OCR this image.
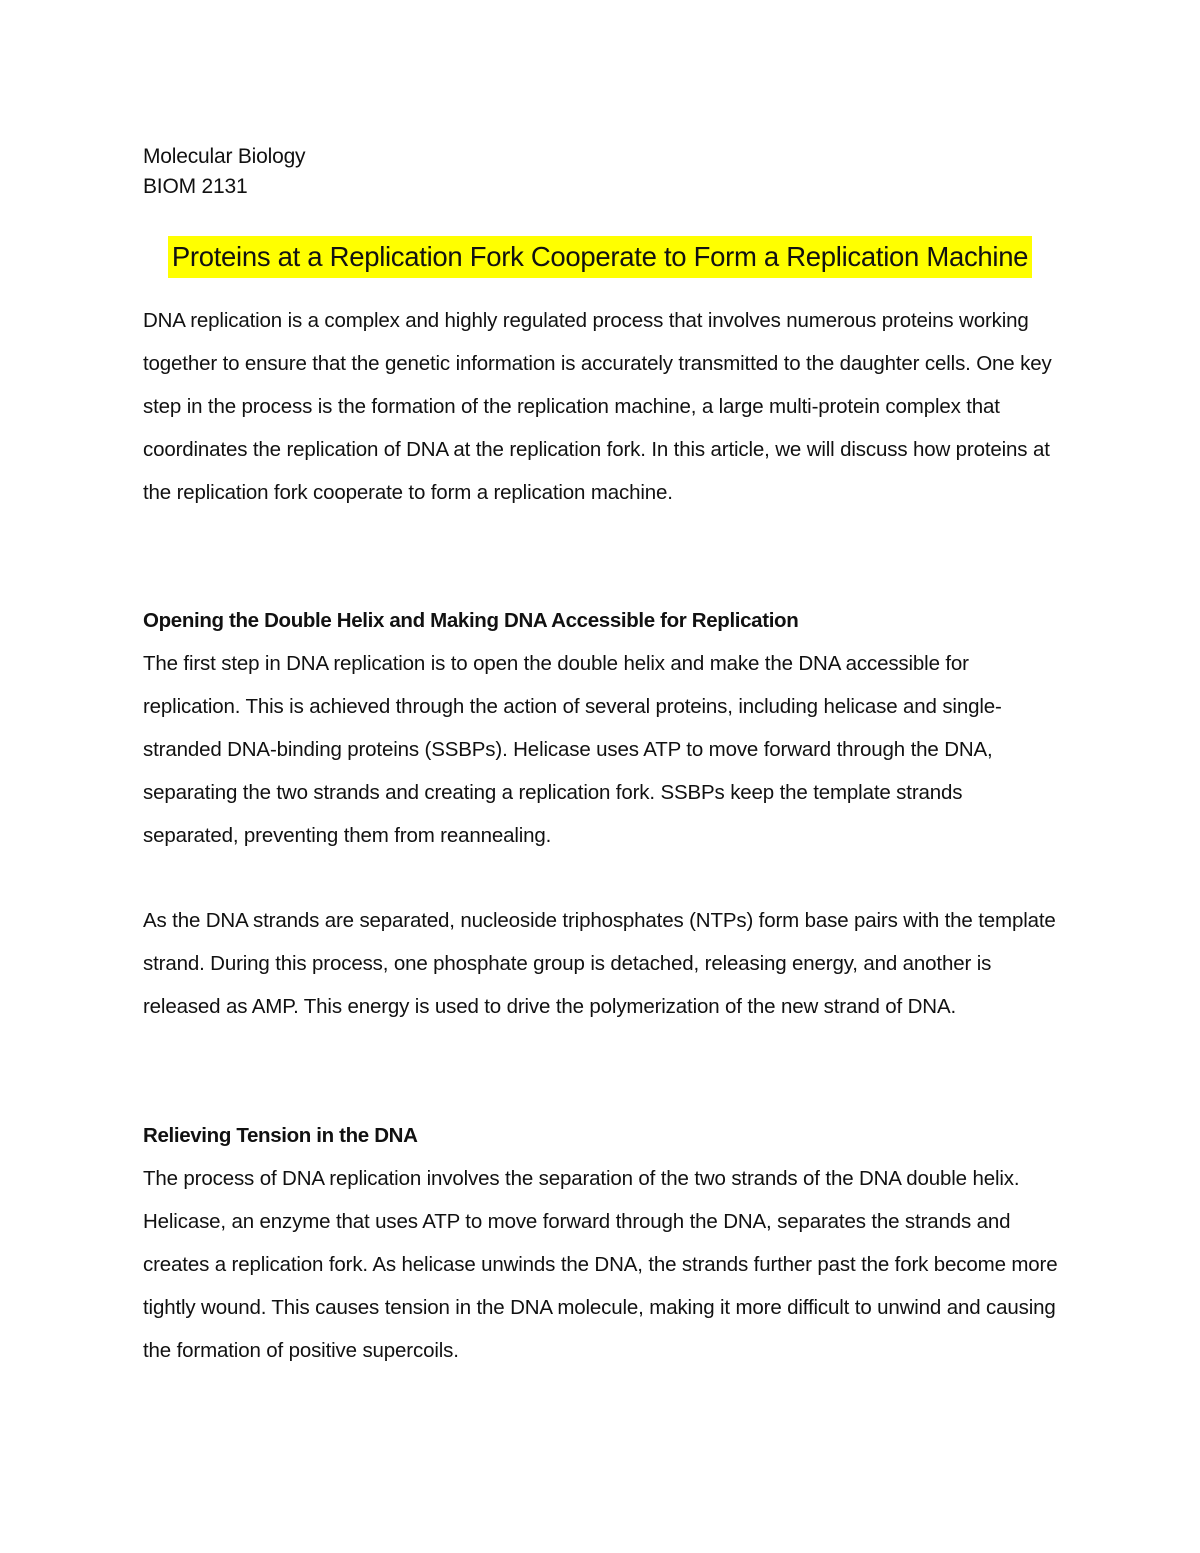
Molecular Biology
BIOM 2131
Proteins at a Replication Fork Cooperate to Form a Replication Machine

DNA replication is a complex and highly regulated process that involves numerous proteins working together to ensure that the genetic information is accurately transmitted to the daughter cells. One key step in the process is the formation of the replication machine, a large multi-protein complex that coordinates the replication of DNA at the replication fork. In this article, we will discuss how proteins at the replication fork cooperate to form a replication machine.

Opening the Double Helix and Making DNA Accessible for Replication

The first step in DNA replication is to open the double helix and make the DNA accessible for replication. This is achieved through the action of several proteins, including helicase and single-stranded DNA-binding proteins (SSBPs). Helicase uses ATP to move forward through the DNA, separating the two strands and creating a replication fork. SSBPs keep the template strands separated, preventing them from reannealing.

As the DNA strands are separated, nucleoside triphosphates (NTPs) form base pairs with the template strand. During this process, one phosphate group is detached, releasing energy, and another is released as AMP. This energy is used to drive the polymerization of the new strand of DNA.

Relieving Tension in the DNA

The process of DNA replication involves the separation of the two strands of the DNA double helix. Helicase, an enzyme that uses ATP to move forward through the DNA, separates the strands and creates a replication fork. As helicase unwinds the DNA, the strands further past the fork become more tightly wound. This causes tension in the DNA molecule, making it more difficult to unwind and causing the formation of positive supercoils.
